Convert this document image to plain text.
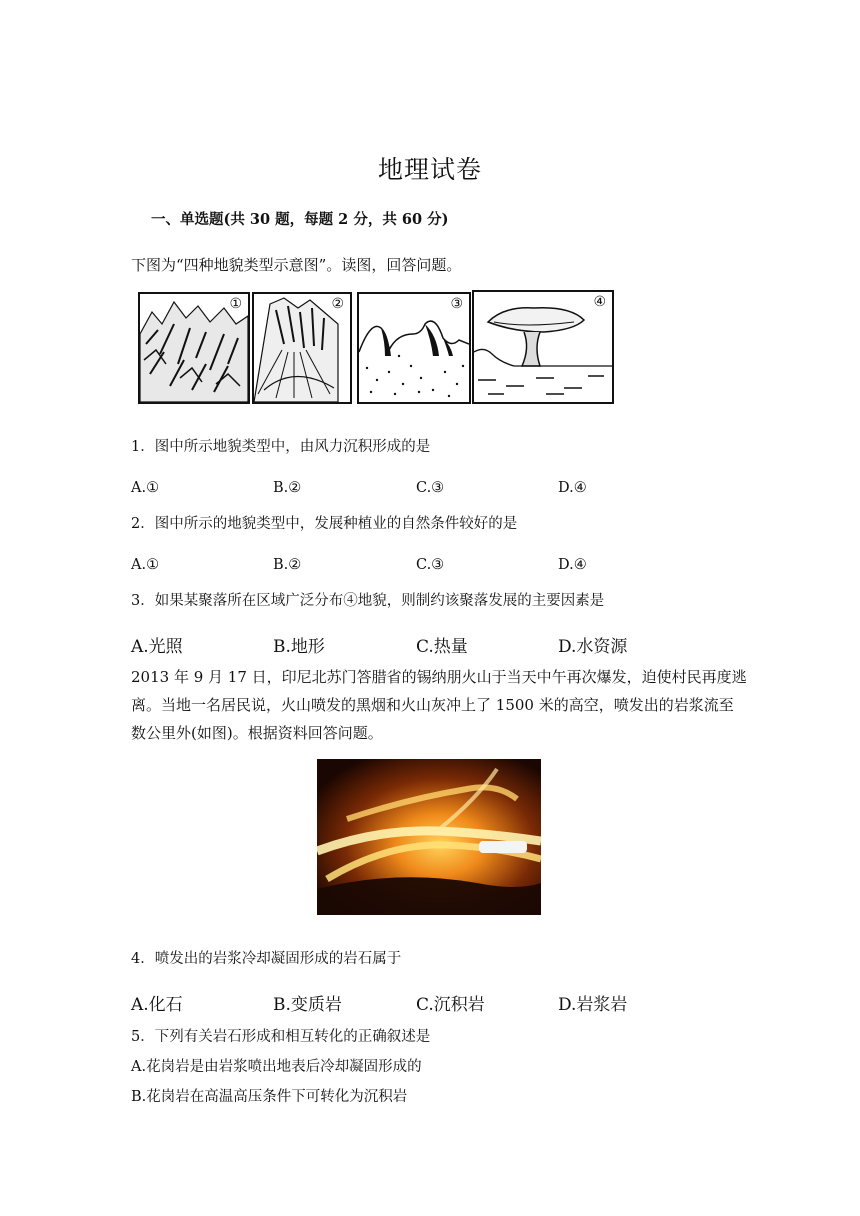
地理试卷
一、单选题(共 30 题，每题 2 分，共 60 分)
下图为“四种地貌类型示意图”。读图，回答问题。
①	②	③	④
1．图中所示地貌类型中，由风力沉积形成的是
A.①	B.②	C.③	D.④
2．图中所示的地貌类型中，发展种植业的自然条件较好的是
A.①	B.②	C.③	D.④
3．如果某聚落所在区域广泛分布④地貌，则制约该聚落发展的主要因素是
A.光照	B.地形	C.热量	D.水资源
2013 年 9 月 17 日，印尼北苏门答腊省的锡纳朋火山于当天中午再次爆发，迫使村民再度逃
离。当地一名居民说，火山喷发的黑烟和火山灰冲上了 1500 米的高空，喷发出的岩浆流至
数公里外(如图)。根据资料回答问题。
4．喷发出的岩浆冷却凝固形成的岩石属于
A.化石	B.变质岩	C.沉积岩	D.岩浆岩
5．下列有关岩石形成和相互转化的正确叙述是
A.花岗岩是由岩浆喷出地表后冷却凝固形成的
B.花岗岩在高温高压条件下可转化为沉积岩
